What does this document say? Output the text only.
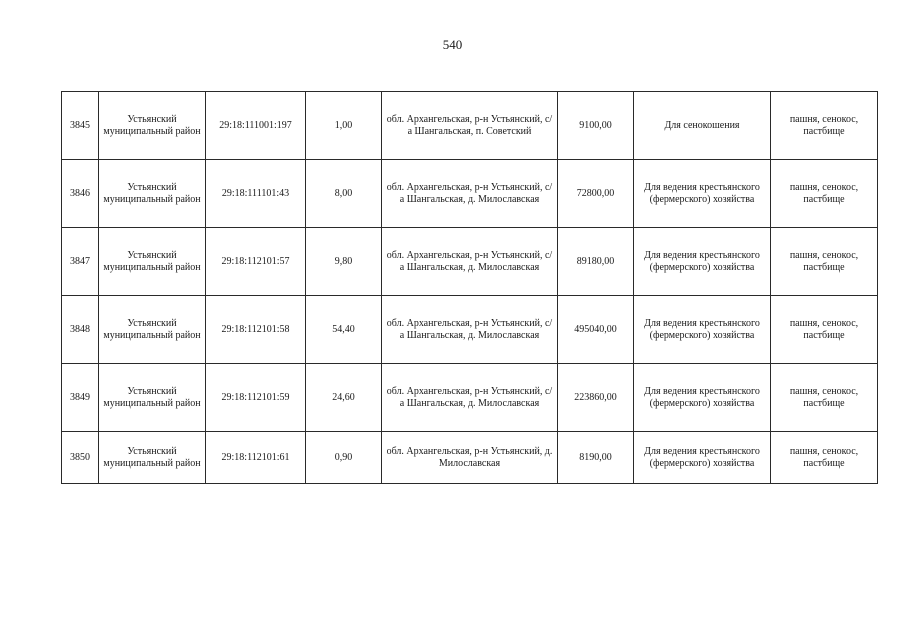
540
3845	Устьянский муниципальный район	29:18:111001:197	1,00	обл. Архангельская, р-н Устьянский, с/а Шангальская, п. Советский	9100,00	Для сенокошения	пашня, сенокос, пастбище
3846	Устьянский муниципальный район	29:18:111101:43	8,00	обл. Архангельская, р-н Устьянский, с/а Шангальская, д. Милославская	72800,00	Для ведения крестьянского (фермерского) хозяйства	пашня, сенокос, пастбище
3847	Устьянский муниципальный район	29:18:112101:57	9,80	обл. Архангельская, р-н Устьянский, с/а Шангальская, д. Милославская	89180,00	Для ведения крестьянского (фермерского) хозяйства	пашня, сенокос, пастбище
3848	Устьянский муниципальный район	29:18:112101:58	54,40	обл. Архангельская, р-н Устьянский, с/а Шангальская, д. Милославская	495040,00	Для ведения крестьянского (фермерского) хозяйства	пашня, сенокос, пастбище
3849	Устьянский муниципальный район	29:18:112101:59	24,60	обл. Архангельская, р-н Устьянский, с/а Шангальская, д. Милославская	223860,00	Для ведения крестьянского (фермерского) хозяйства	пашня, сенокос, пастбище
3850	Устьянский муниципальный район	29:18:112101:61	0,90	обл. Архангельская, р-н Устьянский, д. Милославская	8190,00	Для ведения крестьянского (фермерского) хозяйства	пашня, сенокос, пастбище
